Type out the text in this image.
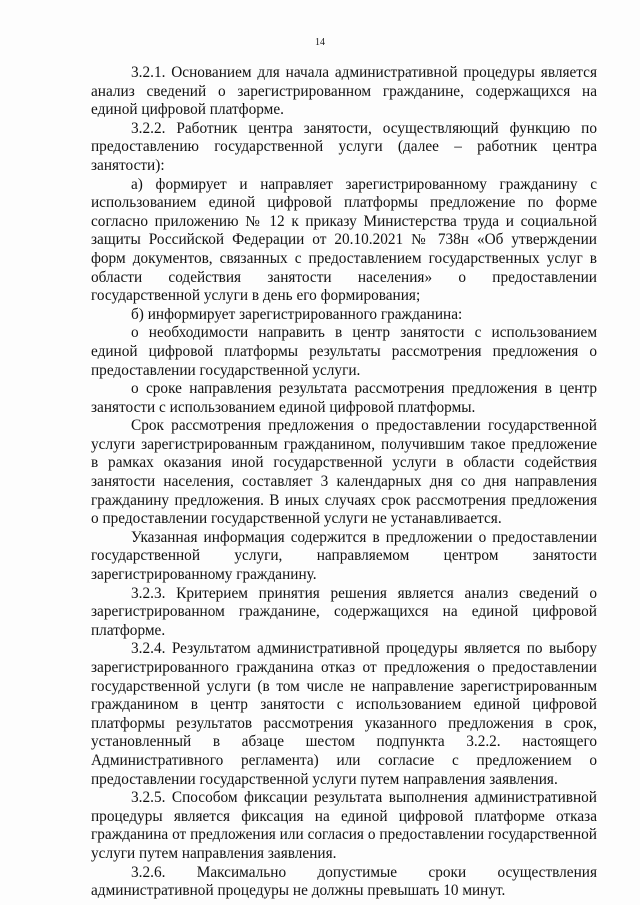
14

3.2.1. Основанием для начала административной процедуры является анализ сведений о зарегистрированном гражданине, содержащихся на единой цифровой платформе.

3.2.2. Работник центра занятости, осуществляющий функцию по предоставлению государственной услуги (далее – работник центра занятости):

а) формирует и направляет зарегистрированному гражданину с использованием единой цифровой платформы предложение по форме согласно приложению № 12 к приказу Министерства труда и социальной защиты Российской Федерации от 20.10.2021 № 738н «Об утверждении форм документов, связанных с предоставлением государственных услуг в области содействия занятости населения» о предоставлении государственной услуги в день его формирования;

б) информирует зарегистрированного гражданина:

о необходимости направить в центр занятости с использованием единой цифровой платформы результаты рассмотрения предложения о предоставлении государственной услуги.

о сроке направления результата рассмотрения предложения в центр занятости с использованием единой цифровой платформы.

Срок рассмотрения предложения о предоставлении государственной услуги зарегистрированным гражданином, получившим такое предложение в рамках оказания иной государственной услуги в области содействия занятости населения, составляет 3 календарных дня со дня направления гражданину предложения. В иных случаях срок рассмотрения предложения о предоставлении государственной услуги не устанавливается.

Указанная информация содержится в предложении о предоставлении государственной услуги, направляемом центром занятости зарегистрированному гражданину.

3.2.3. Критерием принятия решения является анализ сведений о зарегистрированном гражданине, содержащихся на единой цифровой платформе.

3.2.4. Результатом административной процедуры является по выбору зарегистрированного гражданина отказ от предложения о предоставлении государственной услуги (в том числе не направление зарегистрированным гражданином в центр занятости с использованием единой цифровой платформы результатов рассмотрения указанного предложения в срок, установленный в абзаце шестом подпункта 3.2.2. настоящего Административного регламента) или согласие с предложением о предоставлении государственной услуги путем направления заявления.

3.2.5. Способом фиксации результата выполнения административной процедуры является фиксация на единой цифровой платформе отказа гражданина от предложения или согласия о предоставлении государственной услуги путем направления заявления.

3.2.6. Максимально допустимые сроки осуществления административной процедуры не должны превышать 10 минут.
